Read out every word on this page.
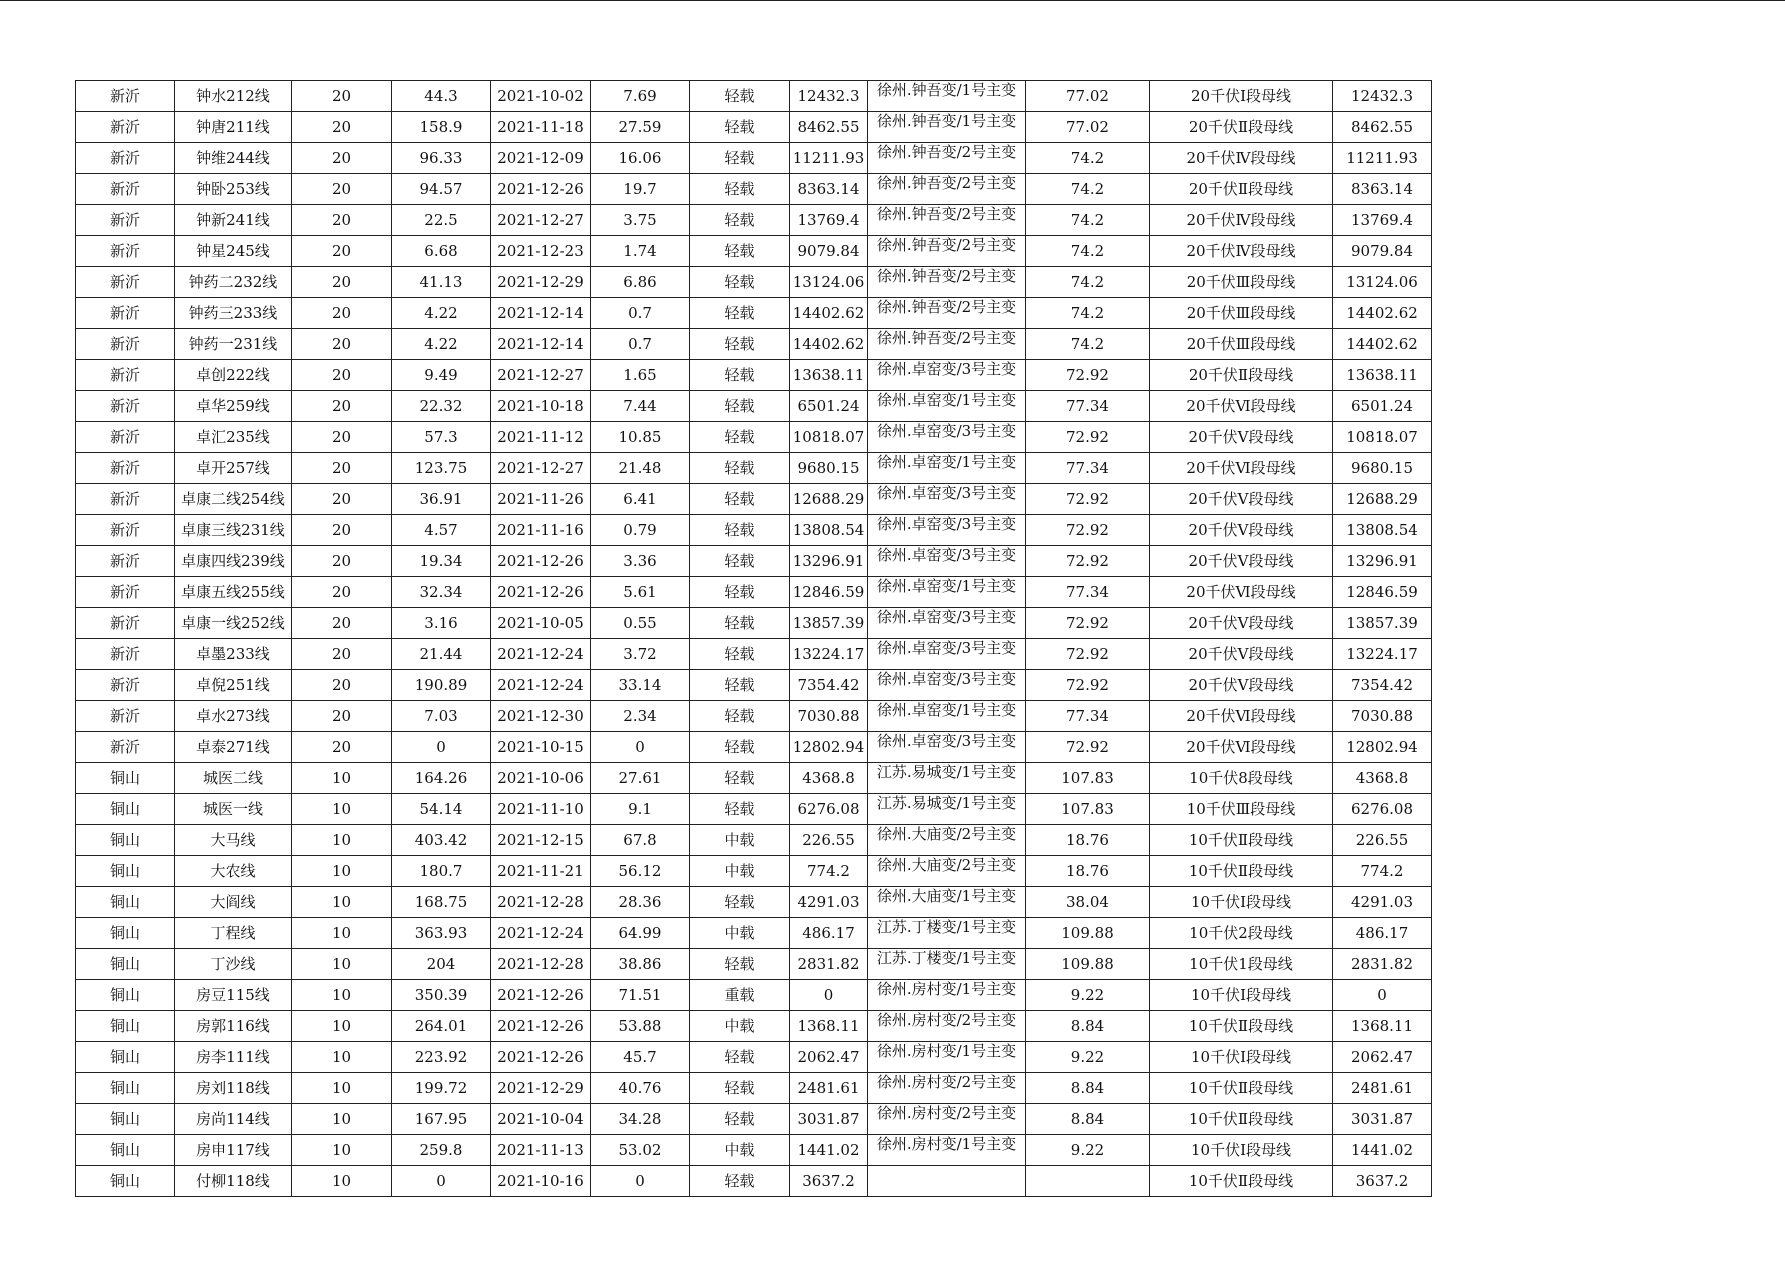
新沂	钟水212线	20	44.3	2021-10-02	7.69	轻载	12432.3	徐州.钟吾变/1号主变	77.02	20千伏Ⅰ段母线	12432.3
新沂	钟唐211线	20	158.9	2021-11-18	27.59	轻载	8462.55	徐州.钟吾变/1号主变	77.02	20千伏Ⅱ段母线	8462.55
新沂	钟维244线	20	96.33	2021-12-09	16.06	轻载	11211.93	徐州.钟吾变/2号主变	74.2	20千伏Ⅳ段母线	11211.93
新沂	钟卧253线	20	94.57	2021-12-26	19.7	轻载	8363.14	徐州.钟吾变/2号主变	74.2	20千伏Ⅱ段母线	8363.14
新沂	钟新241线	20	22.5	2021-12-27	3.75	轻载	13769.4	徐州.钟吾变/2号主变	74.2	20千伏Ⅳ段母线	13769.4
新沂	钟星245线	20	6.68	2021-12-23	1.74	轻载	9079.84	徐州.钟吾变/2号主变	74.2	20千伏Ⅳ段母线	9079.84
新沂	钟药二232线	20	41.13	2021-12-29	6.86	轻载	13124.06	徐州.钟吾变/2号主变	74.2	20千伏Ⅲ段母线	13124.06
新沂	钟药三233线	20	4.22	2021-12-14	0.7	轻载	14402.62	徐州.钟吾变/2号主变	74.2	20千伏Ⅲ段母线	14402.62
新沂	钟药一231线	20	4.22	2021-12-14	0.7	轻载	14402.62	徐州.钟吾变/2号主变	74.2	20千伏Ⅲ段母线	14402.62
新沂	卓创222线	20	9.49	2021-12-27	1.65	轻载	13638.11	徐州.卓窑变/3号主变	72.92	20千伏Ⅱ段母线	13638.11
新沂	卓华259线	20	22.32	2021-10-18	7.44	轻载	6501.24	徐州.卓窑变/1号主变	77.34	20千伏Ⅵ段母线	6501.24
新沂	卓汇235线	20	57.3	2021-11-12	10.85	轻载	10818.07	徐州.卓窑变/3号主变	72.92	20千伏Ⅴ段母线	10818.07
新沂	卓开257线	20	123.75	2021-12-27	21.48	轻载	9680.15	徐州.卓窑变/1号主变	77.34	20千伏Ⅵ段母线	9680.15
新沂	卓康二线254线	20	36.91	2021-11-26	6.41	轻载	12688.29	徐州.卓窑变/3号主变	72.92	20千伏Ⅴ段母线	12688.29
新沂	卓康三线231线	20	4.57	2021-11-16	0.79	轻载	13808.54	徐州.卓窑变/3号主变	72.92	20千伏Ⅴ段母线	13808.54
新沂	卓康四线239线	20	19.34	2021-12-26	3.36	轻载	13296.91	徐州.卓窑变/3号主变	72.92	20千伏Ⅴ段母线	13296.91
新沂	卓康五线255线	20	32.34	2021-12-26	5.61	轻载	12846.59	徐州.卓窑变/1号主变	77.34	20千伏Ⅵ段母线	12846.59
新沂	卓康一线252线	20	3.16	2021-10-05	0.55	轻载	13857.39	徐州.卓窑变/3号主变	72.92	20千伏Ⅴ段母线	13857.39
新沂	卓墨233线	20	21.44	2021-12-24	3.72	轻载	13224.17	徐州.卓窑变/3号主变	72.92	20千伏Ⅴ段母线	13224.17
新沂	卓倪251线	20	190.89	2021-12-24	33.14	轻载	7354.42	徐州.卓窑变/3号主变	72.92	20千伏Ⅴ段母线	7354.42
新沂	卓水273线	20	7.03	2021-12-30	2.34	轻载	7030.88	徐州.卓窑变/1号主变	77.34	20千伏Ⅵ段母线	7030.88
新沂	卓泰271线	20	0	2021-10-15	0	轻载	12802.94	徐州.卓窑变/3号主变	72.92	20千伏Ⅵ段母线	12802.94
铜山	城医二线	10	164.26	2021-10-06	27.61	轻载	4368.8	江苏.易城变/1号主变	107.83	10千伏8段母线	4368.8
铜山	城医一线	10	54.14	2021-11-10	9.1	轻载	6276.08	江苏.易城变/1号主变	107.83	10千伏Ⅲ段母线	6276.08
铜山	大马线	10	403.42	2021-12-15	67.8	中载	226.55	徐州.大庙变/2号主变	18.76	10千伏Ⅱ段母线	226.55
铜山	大农线	10	180.7	2021-11-21	56.12	中载	774.2	徐州.大庙变/2号主变	18.76	10千伏Ⅱ段母线	774.2
铜山	大阎线	10	168.75	2021-12-28	28.36	轻载	4291.03	徐州.大庙变/1号主变	38.04	10千伏Ⅰ段母线	4291.03
铜山	丁程线	10	363.93	2021-12-24	64.99	中载	486.17	江苏.丁楼变/1号主变	109.88	10千伏2段母线	486.17
铜山	丁沙线	10	204	2021-12-28	38.86	轻载	2831.82	江苏.丁楼变/1号主变	109.88	10千伏1段母线	2831.82
铜山	房豆115线	10	350.39	2021-12-26	71.51	重载	0	徐州.房村变/1号主变	9.22	10千伏Ⅰ段母线	0
铜山	房郭116线	10	264.01	2021-12-26	53.88	中载	1368.11	徐州.房村变/2号主变	8.84	10千伏Ⅱ段母线	1368.11
铜山	房李111线	10	223.92	2021-12-26	45.7	轻载	2062.47	徐州.房村变/1号主变	9.22	10千伏Ⅰ段母线	2062.47
铜山	房刘118线	10	199.72	2021-12-29	40.76	轻载	2481.61	徐州.房村变/2号主变	8.84	10千伏Ⅱ段母线	2481.61
铜山	房尚114线	10	167.95	2021-10-04	34.28	轻载	3031.87	徐州.房村变/2号主变	8.84	10千伏Ⅱ段母线	3031.87
铜山	房申117线	10	259.8	2021-11-13	53.02	中载	1441.02	徐州.房村变/1号主变	9.22	10千伏Ⅰ段母线	1441.02
铜山	付柳118线	10	0	2021-10-16	0	轻载	3637.2			10千伏Ⅱ段母线	3637.2
